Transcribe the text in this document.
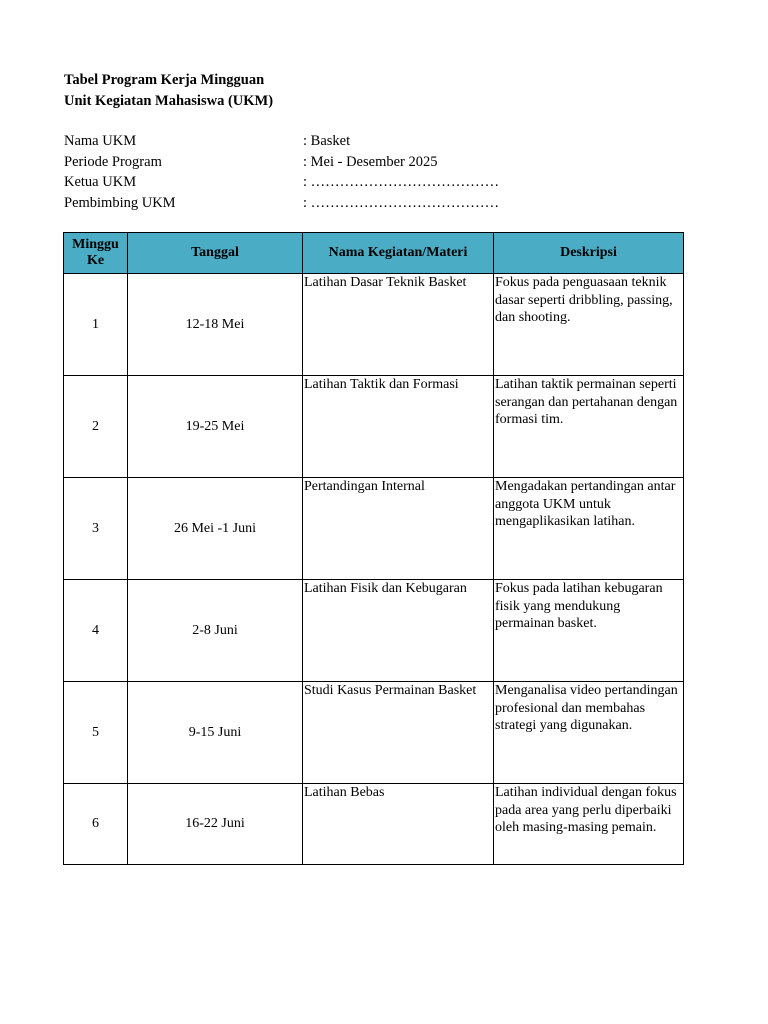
Tabel Program Kerja Mingguan
Unit Kegiatan Mahasiswa (UKM)
Nama UKM	: Basket
Periode Program	: Mei - Desember 2025
Ketua UKM	: …………………………………
Pembimbing UKM	: …………………………………
Minggu Ke	Tanggal	Nama Kegiatan/Materi	Deskripsi
1	12-18 Mei	Latihan Dasar Teknik Basket	Fokus pada penguasaan teknik dasar seperti dribbling, passing, dan shooting.
2	19-25 Mei	Latihan Taktik dan Formasi	Latihan taktik permainan seperti serangan dan pertahanan dengan formasi tim.
3	26 Mei -1 Juni	Pertandingan Internal	Mengadakan pertandingan antar anggota UKM untuk mengaplikasikan latihan.
4	2-8 Juni	Latihan Fisik dan Kebugaran	Fokus pada latihan kebugaran fisik yang mendukung permainan basket.
5	9-15 Juni	Studi Kasus Permainan Basket	Menganalisa video pertandingan profesional dan membahas strategi yang digunakan.
6	16-22 Juni	Latihan Bebas	Latihan individual dengan fokus pada area yang perlu diperbaiki oleh masing-masing pemain.
